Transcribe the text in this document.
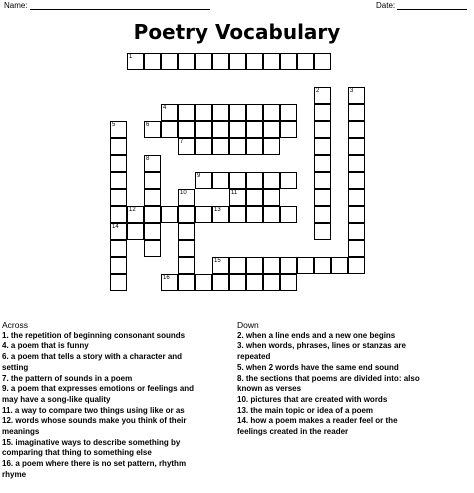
Name:	Date:
Poetry Vocabulary
1
2	3
4
5
14
6
7
8
9
10	11
12	13
15
16
Across
1. the repetition of beginning consonant sounds
4. a poem that is funny
6. a poem that tells a story with a character and
setting
7. the pattern of sounds in a poem
9. a poem that expresses emotions or feelings and
may have a song-like quality
11. a way to compare two things using like or as
12. words whose sounds make you think of their
meanings
15. imaginative ways to describe something by
comparing that thing to something else
16. a poem where there is no set pattern, rhythm
rhyme
Down
2. when a line ends and a new one begins
3. when words, phrases, lines or stanzas are
repeated
5. when 2 words have the same end sound
8. the sections that poems are divided into: also
known as verses
10. pictures that are created with words
13. the main topic or idea of a poem
14. how a poem makes a reader feel or the
feelings created in the reader
